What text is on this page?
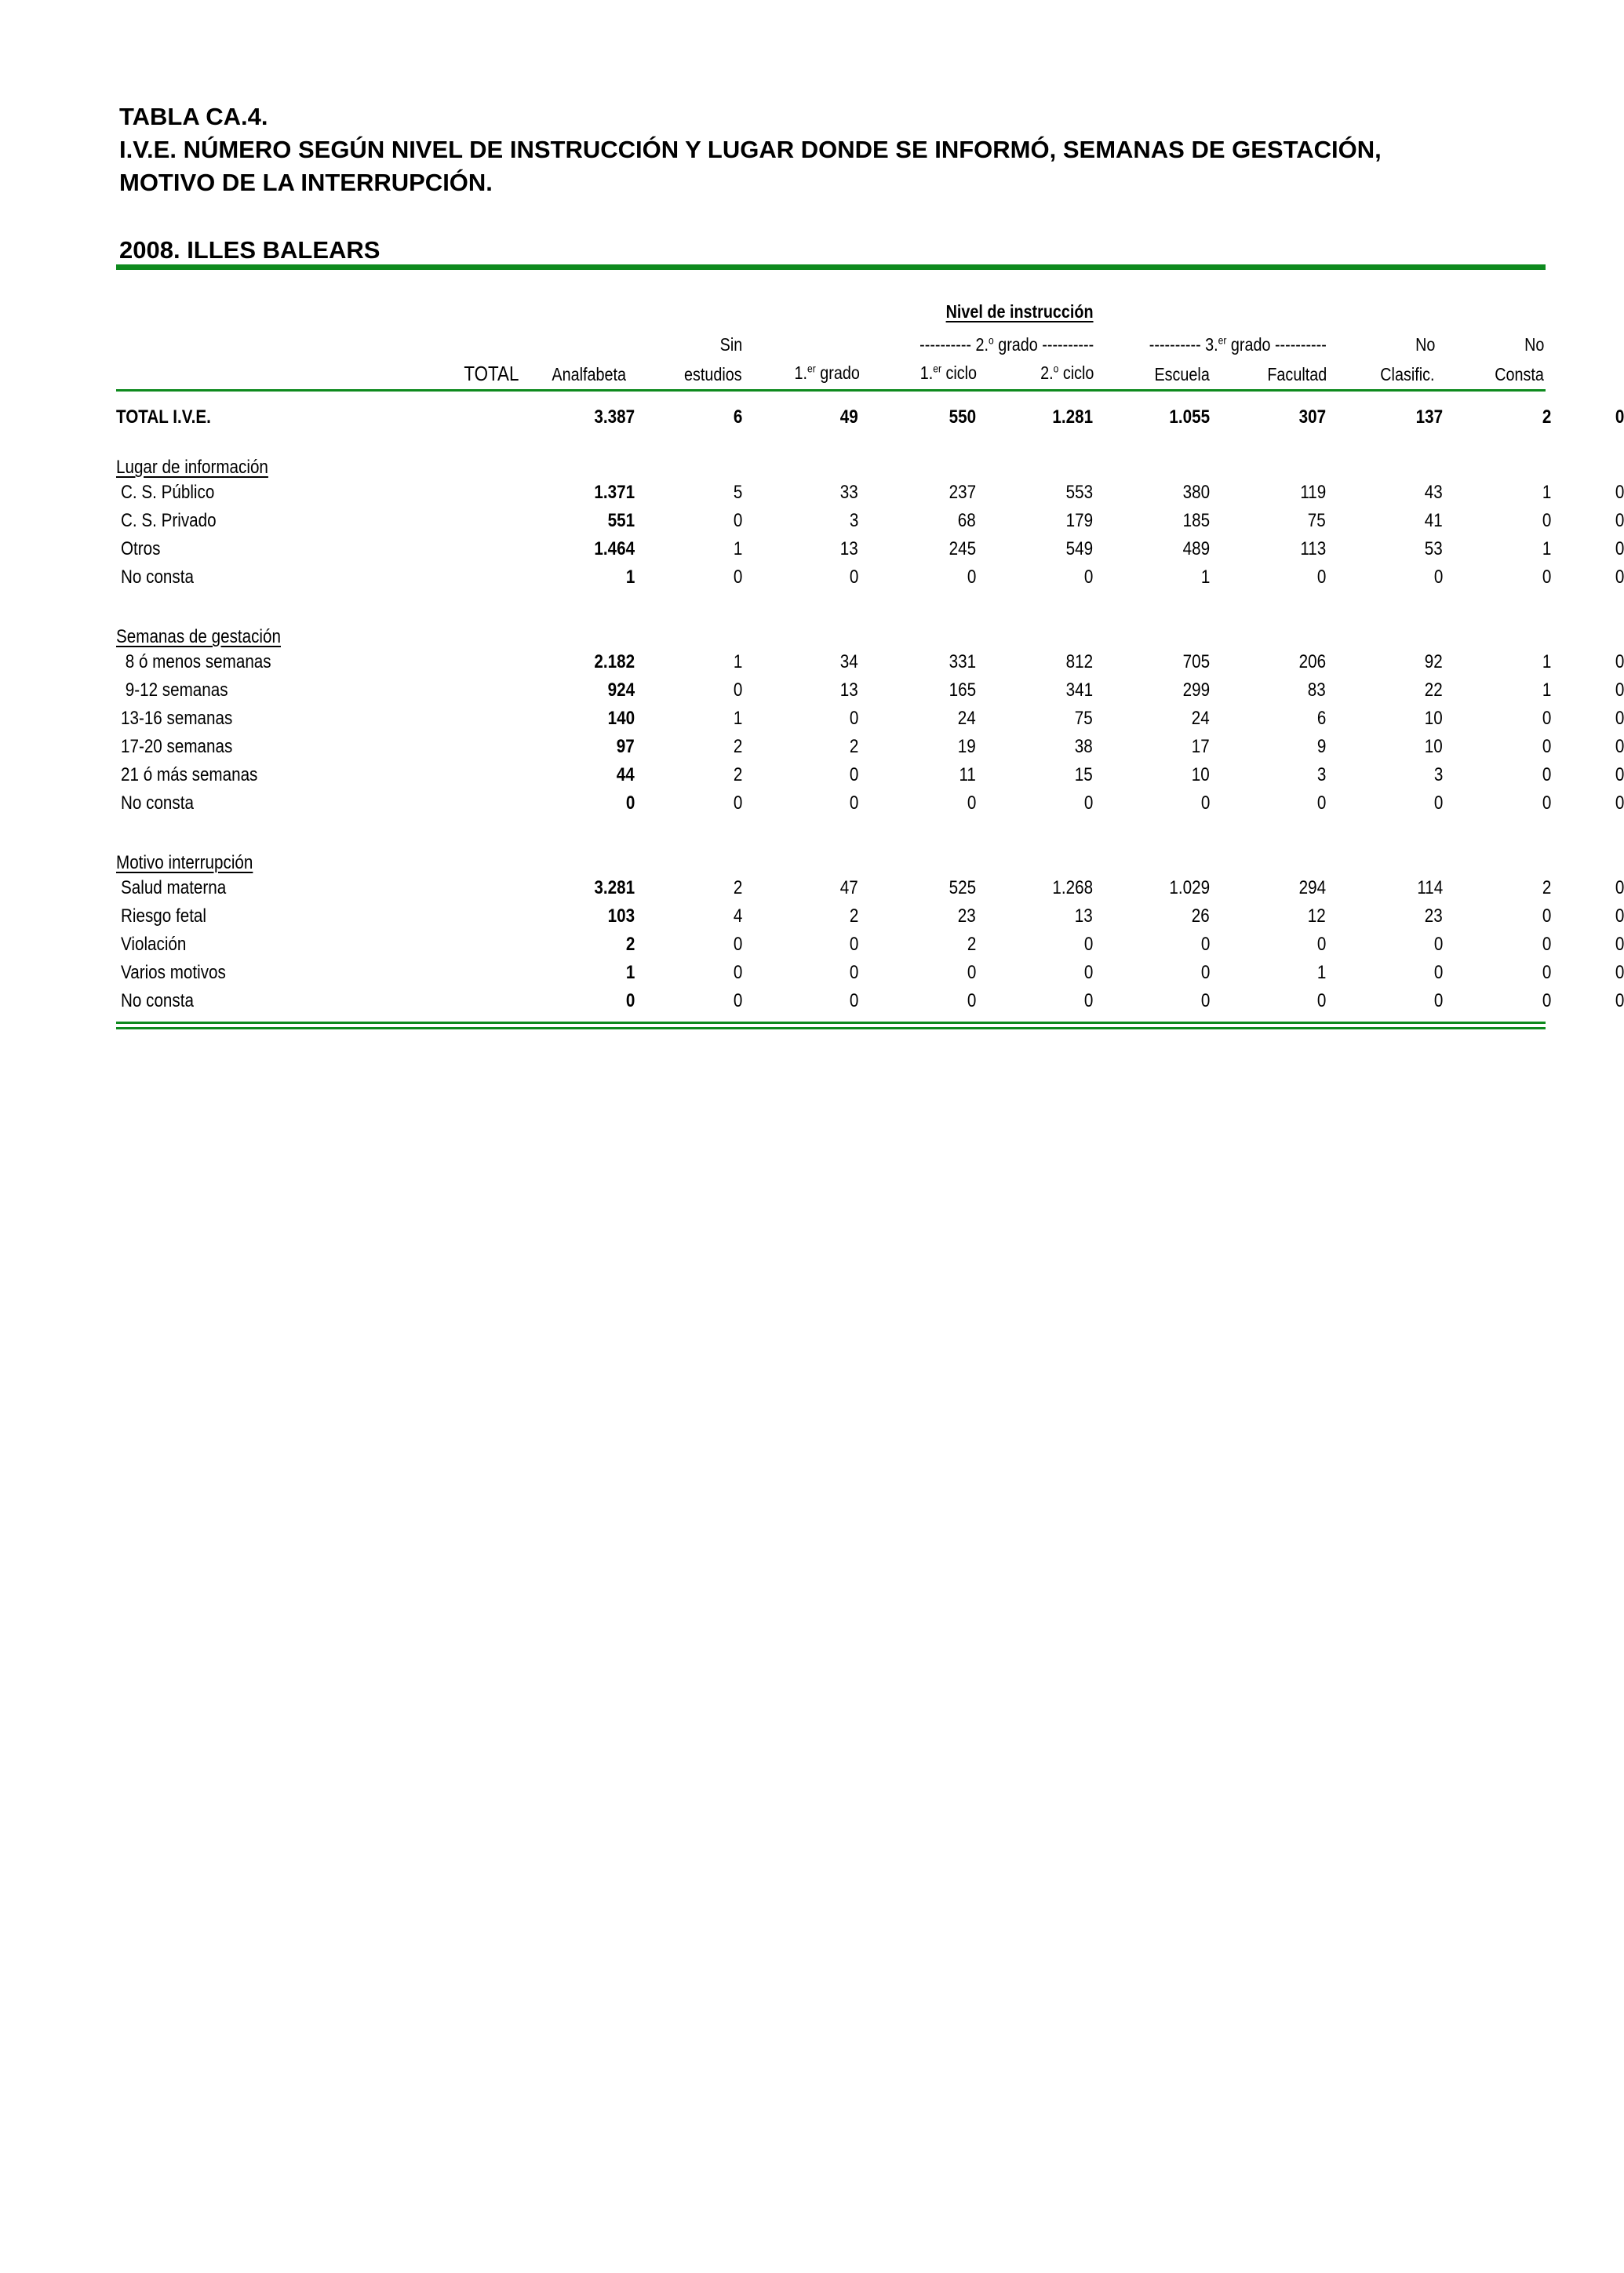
TABLA CA.4.
I.V.E. NÚMERO SEGÚN NIVEL DE INSTRUCCIÓN Y LUGAR DONDE SE INFORMÓ, SEMANAS DE GESTACIÓN,
MOTIVO DE LA INTERRUPCIÓN.
2008. ILLES BALEARS
Nivel de instrucción
Sin	---------- 2.$^o$ grado ----------	---------- 3.$^{er}$ grado ----------	No	No
TOTAL Analfabeta	estudios	1.$^{er}$ grado	1.$^{er}$ ciclo	2.$^o$ ciclo	Escuela	Facultad	Clasific.	Consta
TOTAL I.V.E.	3.387	6	49	550	1.281	1.055	307	137	2	0	
Lugar de información											
C. S. Público	1.371	5	33	237	553	380	119	43	1	0	
C. S. Privado	551	0	3	68	179	185	75	41	0	0	
Otros	1.464	1	13	245	549	489	113	53	1	0	
No consta	1	0	0	0	0	1	0	0	0	0	

Semanas de gestación											
8 ó menos semanas	2.182	1	34	331	812	705	206	92	1	0	
9-12 semanas	924	0	13	165	341	299	83	22	1	0	
13-16 semanas	140	1	0	24	75	24	6	10	0	0	
17-20 semanas	97	2	2	19	38	17	9	10	0	0	
21 ó más semanas	44	2	0	11	15	10	3	3	0	0	
No consta	0	0	0	0	0	0	0	0	0	0	

Motivo interrupción											
Salud materna	3.281	2	47	525	1.268	1.029	294	114	2	0	
Riesgo fetal	103	4	2	23	13	26	12	23	0	0	
Violación	2	0	0	2	0	0	0	0	0	0	
Varios motivos	1	0	0	0	0	0	1	0	0	0	
No consta	0	0	0	0	0	0	0	0	0	0	
